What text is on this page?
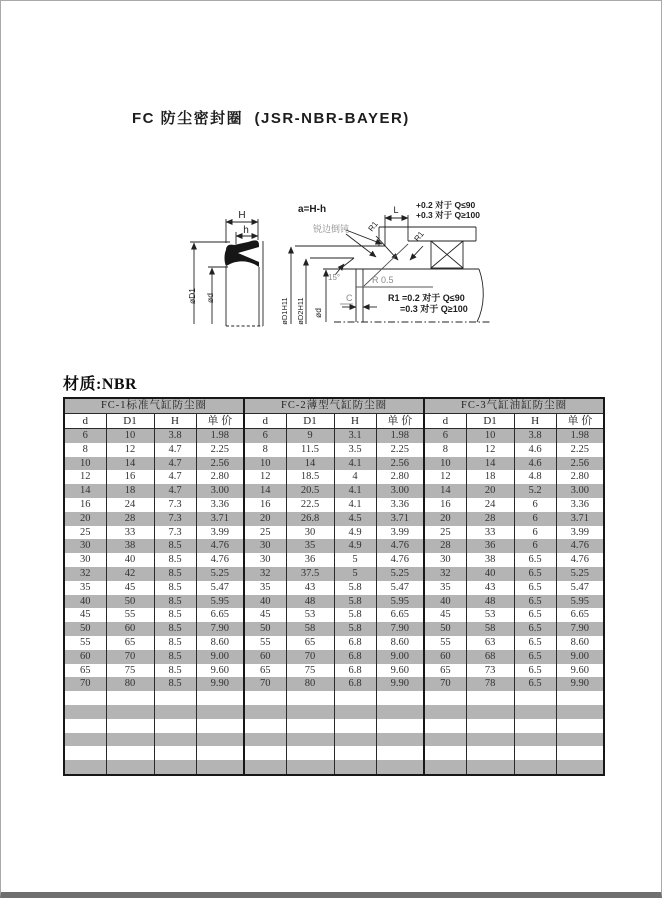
FC 防尘密封圈  (JSR-NBR-BAYER)
H
h
øD1 ød
a=H-h
锐边倒钝
L +0.2 对于 Q≤90
+0.3 对于 Q≥100
R1
R1
15°	R 0.5
R1 =0.2 对于 Q≤90
=0.3 对于 Q≥100
C
øD1H11 øD2H11 ød
材质:NBR
FC-1标准气缸防尘圈				FC-2薄型气缸防尘圈				FC-3气缸油缸防尘圈			
d	D1	H	单 价	d	D1	H	单 价	d	D1	H	单 价
6	10	3.8	1.98	6	9	3.1	1.98	6	10	3.8	1.98
8	12	4.7	2.25	8	11.5	3.5	2.25	8	12	4.6	2.25
10	14	4.7	2.56	10	14	4.1	2.56	10	14	4.6	2.56
12	16	4.7	2.80	12	18.5	4	2.80	12	18	4.8	2.80
14	18	4.7	3.00	14	20.5	4.1	3.00	14	20	5.2	3.00
16	24	7.3	3.36	16	22.5	4.1	3.36	16	24	6	3.36
20	28	7.3	3.71	20	26.8	4.5	3.71	20	28	6	3.71
25	33	7.3	3.99	25	30	4.9	3.99	25	33	6	3.99
30	38	8.5	4.76	30	35	4.9	4.76	28	36	6	4.76
30	40	8.5	4.76	30	36	5	4.76	30	38	6.5	4.76
32	42	8.5	5.25	32	37.5	5	5.25	32	40	6.5	5.25
35	45	8.5	5.47	35	43	5.8	5.47	35	43	6.5	5.47
40	50	8.5	5.95	40	48	5.8	5.95	40	48	6.5	5.95
45	55	8.5	6.65	45	53	5.8	6.65	45	53	6.5	6.65
50	60	8.5	7.90	50	58	5.8	7.90	50	58	6.5	7.90
55	65	8.5	8.60	55	65	6.8	8.60	55	63	6.5	8.60
60	70	8.5	9.00	60	70	6.8	9.00	60	68	6.5	9.00
65	75	8.5	9.60	65	75	6.8	9.60	65	73	6.5	9.60
70	80	8.5	9.90	70	80	6.8	9.90	70	78	6.5	9.90
